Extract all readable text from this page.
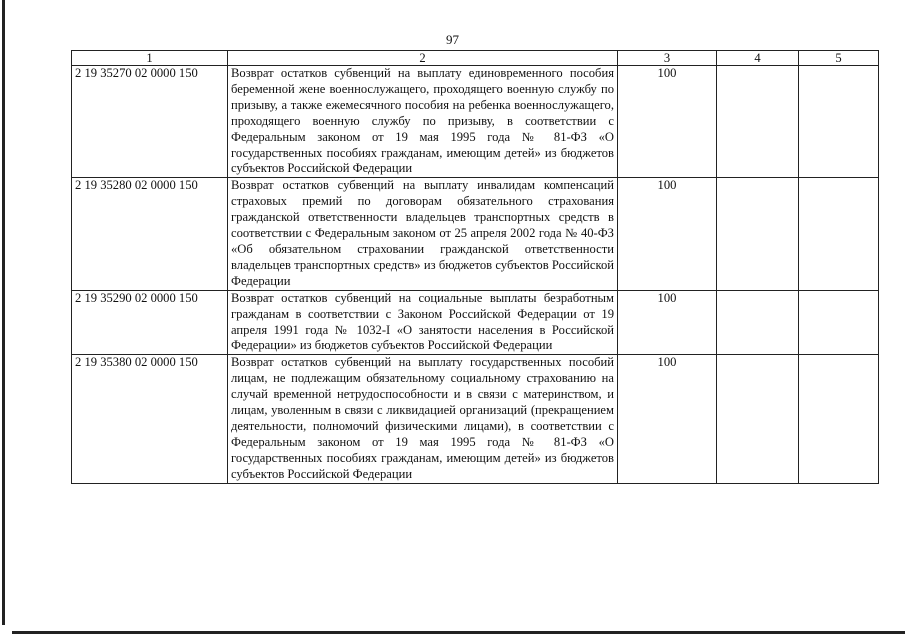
97
1	2	3	4	5
2 19 35270 02 0000 150	Возврат остатков субвенций на выплату единовременного пособия беременной жене военнослужащего, проходящего военную службу по призыву, а также ежемесячного пособия на ребенка военнослужащего, проходящего военную службу по призыву, в соответствии с Федеральным законом от 19 мая 1995 года № 81-ФЗ «О государственных пособиях гражданам, имеющим детей» из бюджетов субъектов Российской Федерации	100		
2 19 35280 02 0000 150	Возврат остатков субвенций на выплату инвалидам компенсаций страховых премий по договорам обязательного страхования гражданской ответственности владельцев транспортных средств в соответствии с Федеральным законом от 25 апреля 2002 года № 40-ФЗ «Об обязательном страховании гражданской ответственности владельцев транспортных средств» из бюджетов субъектов Российской Федерации	100		
2 19 35290 02 0000 150	Возврат остатков субвенций на социальные выплаты безработным гражданам в соответствии с Законом Российской Федерации от 19 апреля 1991 года № 1032-I «О занятости населения в Российской Федерации» из бюджетов субъектов Российской Федерации	100		
2 19 35380 02 0000 150	Возврат остатков субвенций на выплату государственных пособий лицам, не подлежащим обязательному социальному страхованию на случай временной нетрудоспособности и в связи с материнством, и лицам, уволенным в связи с ликвидацией организаций (прекращением деятельности, полномочий физическими лицами), в соответствии с Федеральным законом от 19 мая 1995 года № 81-ФЗ «О государственных пособиях гражданам, имеющим детей» из бюджетов субъектов Российской Федерации	100		
